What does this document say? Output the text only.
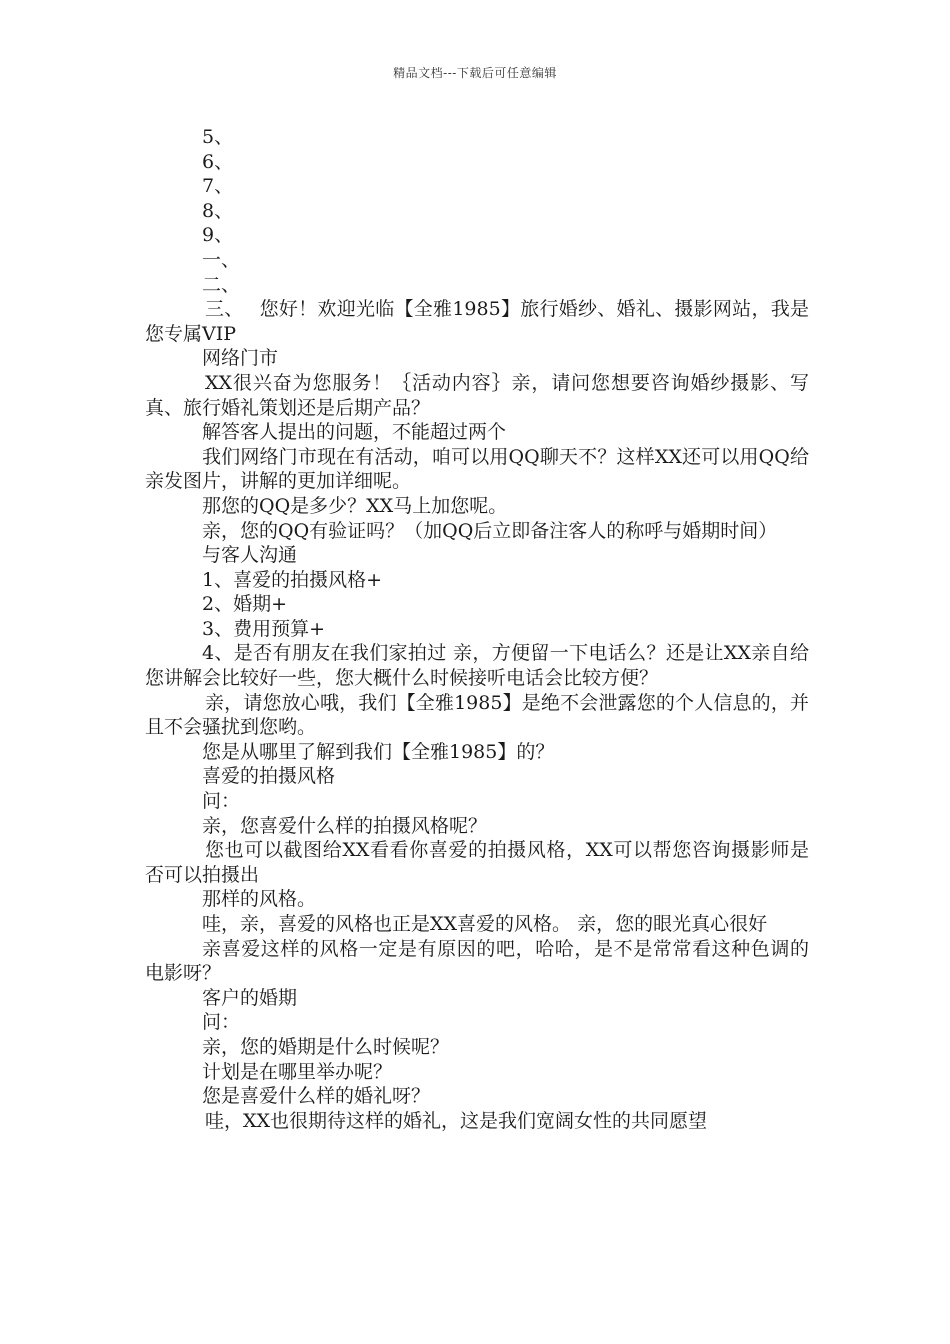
精品文档---下载后可任意编辑

5、

6、

7、

8、

9、

一、

二、

三、　 您好！欢迎光临【全雅1985】旅行婚纱、婚礼、摄影网站，我是您专属VIP

网络门市

XX很兴奋为您服务！｛活动内容｝亲，请问您想要咨询婚纱摄影、写真、旅行婚礼策划还是后期产品？

解答客人提出的问题，不能超过两个

我们网络门市现在有活动，咱可以用QQ聊天不？这样XX还可以用QQ给亲发图片，讲解的更加详细呢。

那您的QQ是多少？XX马上加您呢。

亲，您的QQ有验证吗？（加QQ后立即备注客人的称呼与婚期时间）

与客人沟通

1、喜爱的拍摄风格+

2、婚期+

3、费用预算+

4、是否有朋友在我们家拍过 亲，方便留一下电话么？还是让XX亲自给您讲解会比较好一些，您大概什么时候接听电话会比较方便？

亲，请您放心哦，我们【全雅1985】是绝不会泄露您的个人信息的，并且不会骚扰到您哟。

您是从哪里了解到我们【全雅1985】的？

喜爱的拍摄风格

问：

亲，您喜爱什么样的拍摄风格呢？

您也可以截图给XX看看你喜爱的拍摄风格，XX可以帮您咨询摄影师是否可以拍摄出

那样的风格。

哇，亲，喜爱的风格也正是XX喜爱的风格。 亲，您的眼光真心很好

亲喜爱这样的风格一定是有原因的吧，哈哈，是不是常常看这种色调的电影呀？

客户的婚期

问：

亲，您的婚期是什么时候呢？

计划是在哪里举办呢？

您是喜爱什么样的婚礼呀？

哇，XX也很期待这样的婚礼，这是我们宽阔女性的共同愿望
